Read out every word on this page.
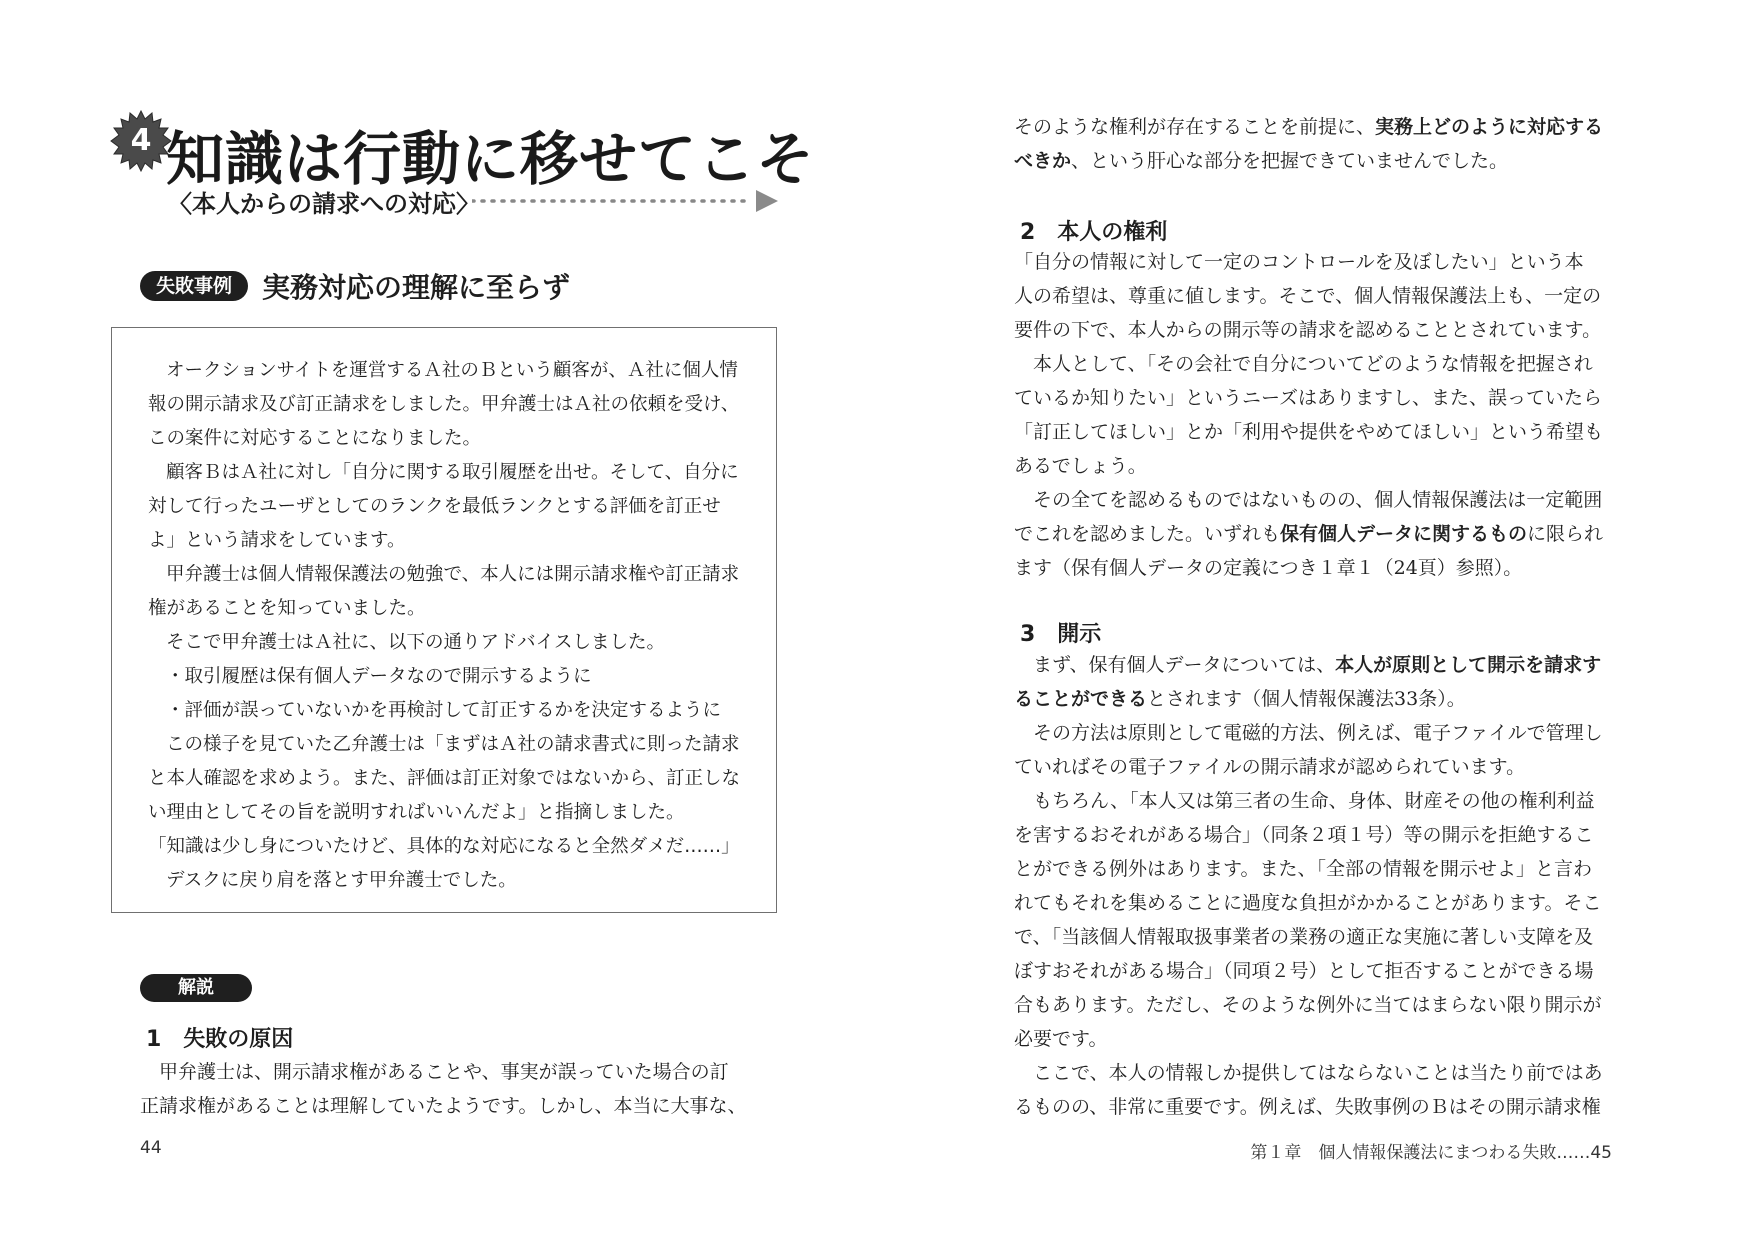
4 知識は行動に移せてこそ

〈本人からの請求への対応〉

失敗事例	実務対応の理解に至らず

オークションサイトを運営するＡ社のＢという顧客が、Ａ社に個人情

報の開示請求及び訂正請求をしました。甲弁護士はＡ社の依頼を受け、

この案件に対応することになりました。

顧客ＢはＡ社に対し「自分に関する取引履歴を出せ。そして、自分に

対して行ったユーザとしてのランクを最低ランクとする評価を訂正せ

よ」という請求をしています。

甲弁護士は個人情報保護法の勉強で、本人には開示請求権や訂正請求

権があることを知っていました。

そこで甲弁護士はＡ社に、以下の通りアドバイスしました。

・取引履歴は保有個人データなので開示するように

・評価が誤っていないかを再検討して訂正するかを決定するように

この様子を見ていた乙弁護士は「まずはＡ社の請求書式に則った請求

と本人確認を求めよう。また、評価は訂正対象ではないから、訂正しな

い理由としてその旨を説明すればいいんだよ」と指摘しました。

「知識は少し身についたけど、具体的な対応になると全然ダメだ……」

デスクに戻り肩を落とす甲弁護士でした。

解説
1　失敗の原因

甲弁護士は、開示請求権があることや、事実が誤っていた場合の訂

正請求権があることは理解していたようです。しかし、本当に大事な、

44

そのような権利が存在することを前提に、実務上どのように対応する

べきか、という肝心な部分を把握できていませんでした。

2　本人の権利

「自分の情報に対して一定のコントロールを及ぼしたい」という本

人の希望は、尊重に値します。そこで、個人情報保護法上も、一定の

要件の下で、本人からの開示等の請求を認めることとされています。

本人として、「その会社で自分についてどのような情報を把握され

ているか知りたい」というニーズはありますし、また、誤っていたら

「訂正してほしい」とか「利用や提供をやめてほしい」という希望も

あるでしょう。

その全てを認めるものではないものの、個人情報保護法は一定範囲

でこれを認めました。いずれも保有個人データに関するものに限られ

ます（保有個人データの定義につき１章１（24頁）参照）。

3　開示

まず、保有個人データについては、本人が原則として開示を請求す

ることができるとされます（個人情報保護法33条）。

その方法は原則として電磁的方法、例えば、電子ファイルで管理し

ていればその電子ファイルの開示請求が認められています。

もちろん、「本人又は第三者の生命、身体、財産その他の権利利益

を害するおそれがある場合」（同条２項１号）等の開示を拒絶するこ

とができる例外はあります。また、「全部の情報を開示せよ」と言わ

れてもそれを集めることに過度な負担がかかることがあります。そこ

で、「当該個人情報取扱事業者の業務の適正な実施に著しい支障を及

ぼすおそれがある場合」（同項２号）として拒否することができる場

合もあります。ただし、そのような例外に当てはまらない限り開示が

必要です。

ここで、本人の情報しか提供してはならないことは当たり前ではあ

るものの、非常に重要です。例えば、失敗事例のＢはその開示請求権

第１章　個人情報保護法にまつわる失敗……45
